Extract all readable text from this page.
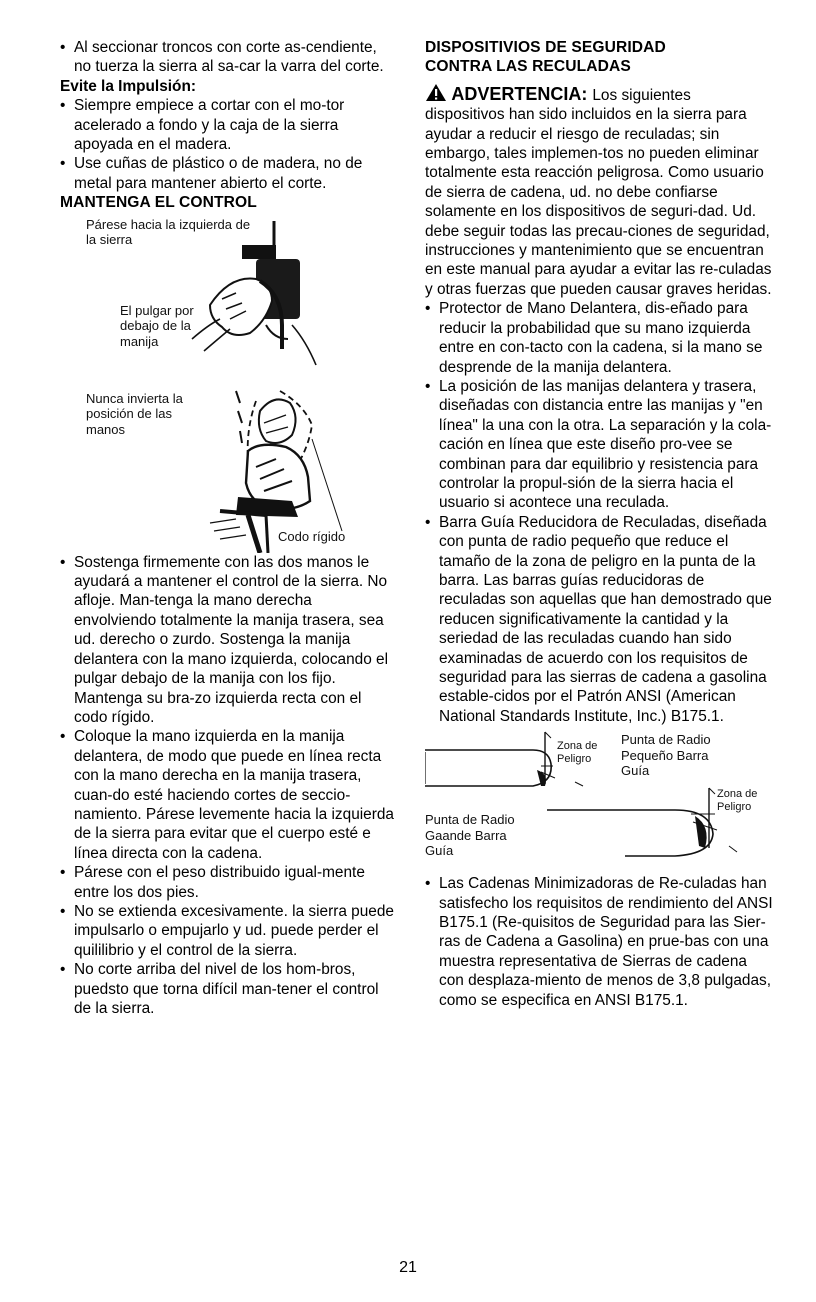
• Al seccionar troncos con corte as-cendiente, no tuerza la sierra al sa-car la varra del corte.

Evite la Impulsión:

• Siempre empiece a cortar con el mo-tor acelerado a fondo y la caja de la sierra apoyada en el madera.
• Use cuñas de plástico o de madera, no de metal para mantener abierto el corte.

MANTENGA EL CONTROL

Párese hacia la izquierda de la sierra
El pulgar por debajo de la manija
Nunca invierta la posición de las manos
Codo rígido
• Sostenga firmemente con las dos manos le ayudará a mantener el control de la sierra. No afloje. Man-tenga la mano derecha envolviendo totalmente la manija trasera, sea ud. derecho o zurdo. Sostenga la manija delantera con la mano izquierda, colocando el pulgar debajo de la manija con los fijo. Mantenga su bra-zo izquierda recta con el codo rígido.
• Coloque la mano izquierda en la manija delantera, de modo que puede en línea recta con la mano derecha en la manija trasera, cuan-do esté haciendo cortes de seccio-namiento. Párese levemente hacia la izquierda de la sierra para evitar que el cuerpo esté e línea directa con la cadena.
• Párese con el peso distribuido igual-mente entre los dos pies.
• No se extienda excesivamente. la sierra puede impulsarlo o empujarlo y ud. puede perder el quililibrio y el control de la sierra.
• No corte arriba del nivel de los hom-bros, puedsto que torna difícil man-tener el control de la sierra.

DISPOSITIVIOS DE SEGURIDAD CONTRA LAS RECULADAS

ADVERTENCIA: Los siguientes dispositivos han sido incluidos en la sierra para ayudar a reducir el riesgo de reculadas; sin embargo, tales implemen-tos no pueden eliminar totalmente esta reacción peligrosa. Como usuario de sierra de cadena, ud. no debe confiarse solamente en los dispositivos de seguri-dad. Ud. debe seguir todas las precau-ciones de seguridad, instrucciones y mantenimiento que se encuentran en este manual para ayudar a evitar las re-culadas y otras fuerzas que pueden causar graves heridas.

• Protector de Mano Delantera, dis-eñado para reducir la probabilidad que su mano izquierda entre en con-tacto con la cadena, si la mano se desprende de la manija delantera.
• La posición de las manijas delantera y trasera, diseñadas con distancia entre las manijas y "en línea" la una con la otra. La separación y la cola-cación en línea que este diseño pro-vee se combinan para dar equilibrio y resistencia para controlar la propul-sión de la sierra hacia el usuario si acontece una reculada.
• Barra Guía Reducidora de Reculadas, diseñada con punta de radio pequeño que reduce el tamaño de la zona de peligro en la punta de la barra. Las barras guías reducidoras de reculadas son aquellas que han demostrado que reducen significativamente la cantidad y la seriedad de las reculadas cuando han sido examinadas de acuerdo con los requisitos de seguridad para las sierras de cadena a gasolina estable-cidos por el Patrón ANSI (American National Standards Institute, Inc.) B175.1.
Punta de Radio Pequeño Barra Guía
Zona de Peligro
Punta de Radio Gaande Barra Guía
Zona de Peligro
• Las Cadenas Minimizadoras de Re-culadas han satisfecho los requisitos de rendimiento del ANSI B175.1 (Re-quisitos de Seguridad para las Sier-ras de Cadena a Gasolina) en prue-bas con una muestra representativa de Sierras de cadena con desplaza-miento de menos de 3,8 pulgadas, como se especifica en ANSI B175.1.
21
